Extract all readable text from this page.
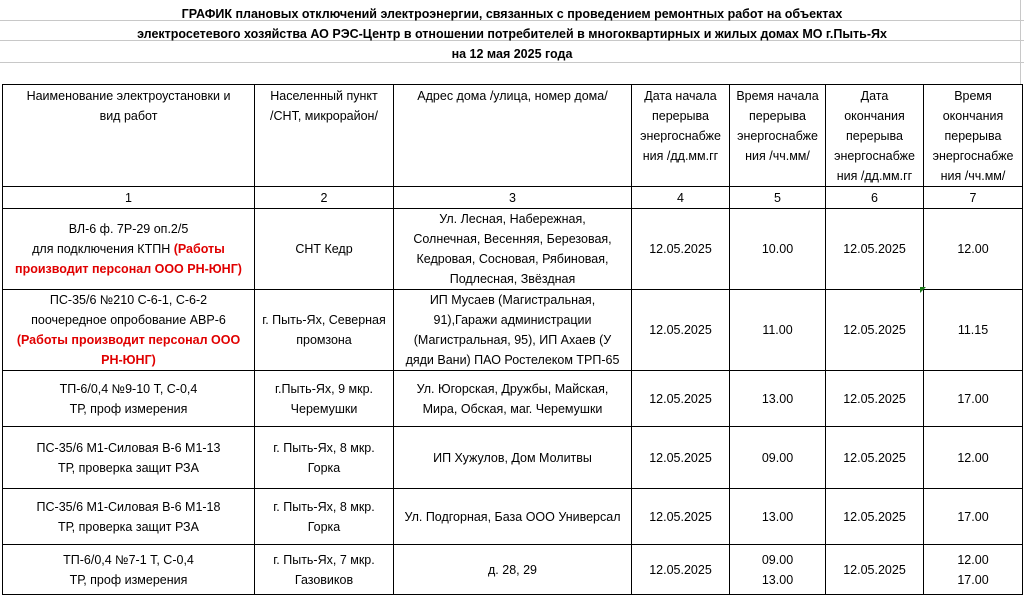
ГРАФИК плановых отключений электроэнергии, связанных с проведением ремонтных работ на объектах
электросетевого хозяйства АО РЭС-Центр в отношении потребителей в многоквартирных и жилых домах МО г.Пыть-Ях
на 12 мая 2025 года
Наименование электроустановки и
вид работ	Населенный пункт
/СНТ, микрорайон/	Адрес дома /улица, номер дома/	Дата начала
перерыва
энергоснабже
ния /дд.мм.гг	Время начала
перерыва
энергоснабже
ния /чч.мм/	Дата
окончания
перерыва
энергоснабже
ния /дд.мм.гг	Время
окончания
перерыва
энергоснабже
ния /чч.мм/

1	2	3	4	5	6	7

ВЛ-6 ф. 7Р-29 оп.2/5
для подключения КТПН (Работы
производит персонал ООО РН-ЮНГ)	СНТ Кедр	Ул. Лесная, Набережная,
Солнечная, Весенняя, Березовая,
Кедровая, Сосновая, Рябиновая,
Подлесная, Звёздная	12.05.2025	10.00	12.05.2025	12.00

ПС-35/6 №210 С-6-1, С-6-2
поочередное опробование АВР-6
(Работы производит персонал ООО
РН-ЮНГ)	г. Пыть-Ях, Северная
промзона	ИП Мусаев (Магистральная,
91),Гаражи администрации
(Магистральная, 95), ИП Ахаев (У
дяди Вани) ПАО Ростелеком ТРП-65	12.05.2025	11.00	12.05.2025	11.15

ТП-6/0,4 №9-10 Т, С-0,4
ТР, проф измерения	г.Пыть-Ях, 9 мкр.
Черемушки	Ул. Югорская, Дружбы, Майская,
Мира, Обская, маг. Черемушки	12.05.2025	13.00	12.05.2025	17.00

ПС-35/6 М1-Силовая В-6 М1-13
ТР, проверка защит РЗА	г. Пыть-Ях, 8 мкр.
Горка	ИП Хужулов, Дом Молитвы	12.05.2025	09.00	12.05.2025	12.00

ПС-35/6 М1-Силовая В-6 М1-18
ТР, проверка защит РЗА	г. Пыть-Ях, 8 мкр.
Горка	Ул. Подгорная, База ООО Универсал	12.05.2025	13.00	12.05.2025	17.00

ТП-6/0,4 №7-1 Т, С-0,4
ТР, проф измерения	г. Пыть-Ях, 7 мкр.
Газовиков	д. 28, 29	12.05.2025	09.00
13.00	12.05.2025	12.00
17.00
